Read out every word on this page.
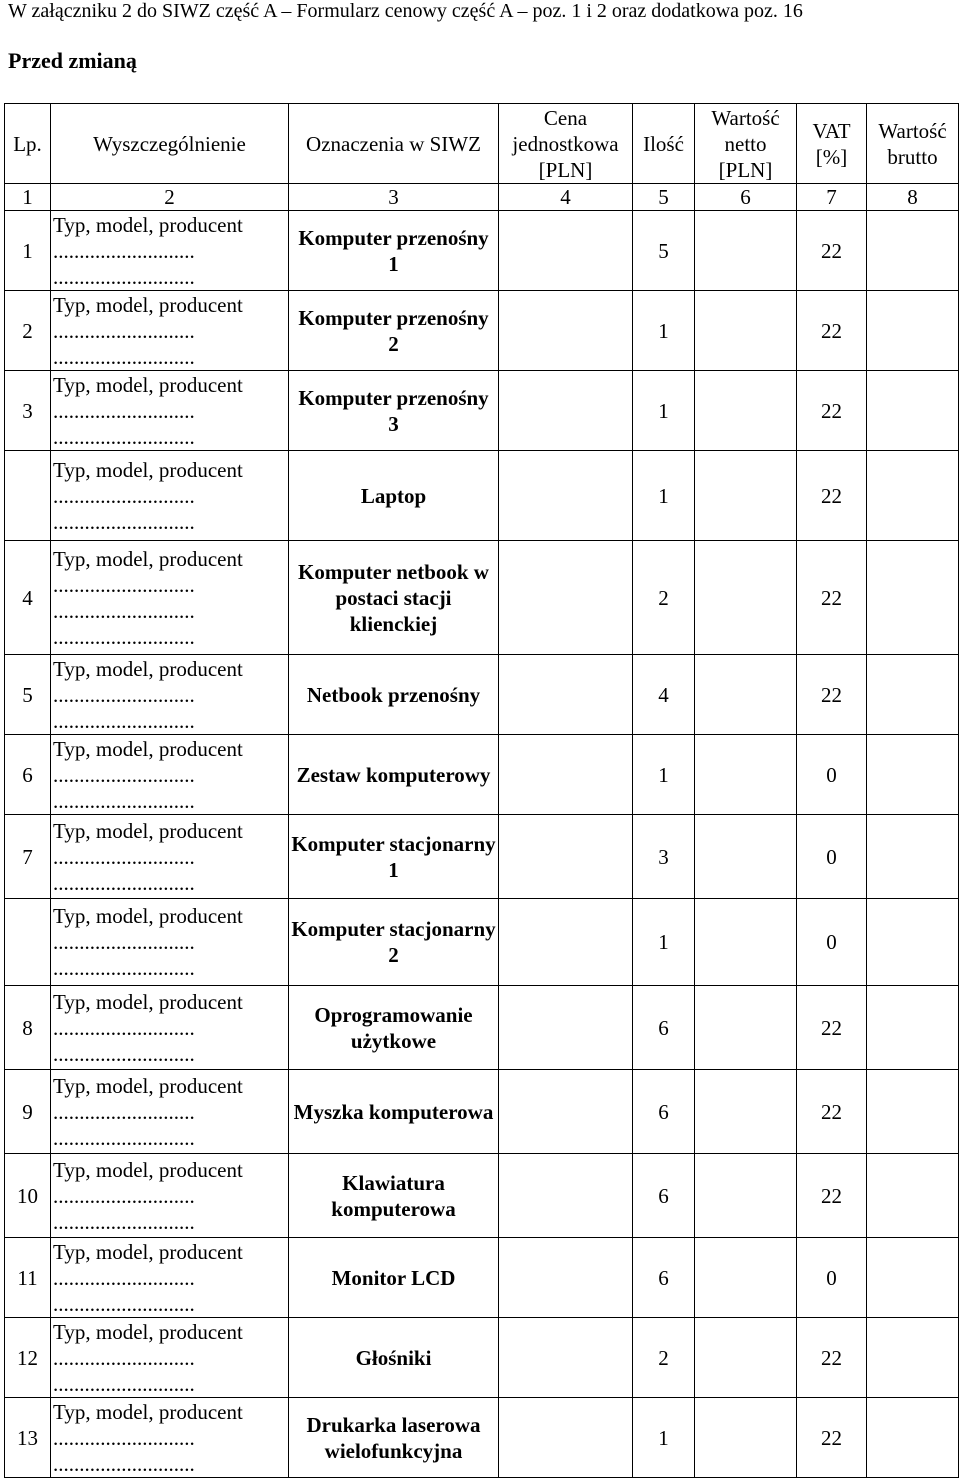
W załączniku 2 do SIWZ część A – Formularz cenowy część A – poz. 1 i 2 oraz dodatkowa poz. 16
Przed zmianą
Lp.	Wyszczególnienie	Oznaczenia w SIWZ	Cena jednostkowa [PLN]	Ilość	Wartość netto [PLN]	VAT [%]	Wartość brutto
1	2	3	4	5	6	7	8
1	Typ, model, producent
...........................
...........................	Komputer przenośny 1		5		22	
2	Typ, model, producent
...........................
...........................	Komputer przenośny 2		1		22	
3	Typ, model, producent
...........................
...........................	Komputer przenośny 3		1		22	

	Typ, model, producent
...........................
...........................	Laptop		1		22	
4	Typ, model, producent
...........................
...........................
...........................	Komputer netbook w postaci stacji klienckiej		2		22	
5	Typ, model, producent
...........................
...........................	Netbook przenośny		4		22	
6	Typ, model, producent
...........................
...........................	Zestaw komputerowy		1		0	
7	Typ, model, producent
...........................
...........................	Komputer stacjonarny 1		3		0	

	Typ, model, producent
...........................
...........................	Komputer stacjonarny 2		1		0	
8	Typ, model, producent
...........................
...........................	Oprogramowanie użytkowe		6		22	
9	Typ, model, producent
...........................
...........................	Myszka komputerowa		6		22	
10	Typ, model, producent
...........................
...........................	Klawiatura komputerowa		6		22	
11	Typ, model, producent
...........................
...........................	Monitor LCD		6		0	
12	Typ, model, producent
...........................
...........................	Głośniki		2		22	
13	Typ, model, producent
...........................
...........................	Drukarka laserowa wielofunkcyjna		1		22	
